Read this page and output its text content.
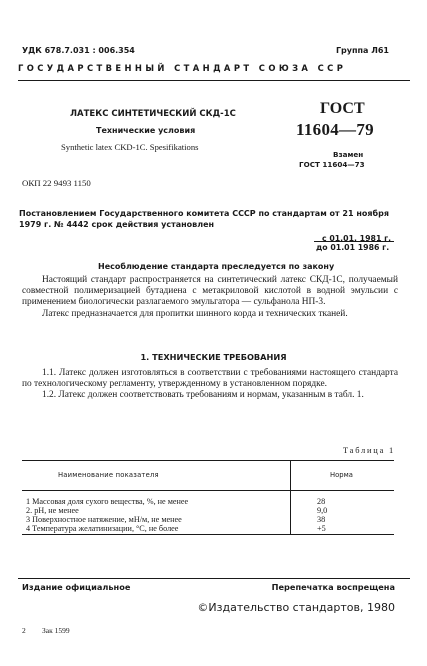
УДК 678.7.031 : 006.354	Группа Л61
ГОСУДАРСТВЕННЫЙ СТАНДАРТ СОЮЗА ССР
ЛАТЕКС СИНТЕТИЧЕСКИЙ СКД-1С
Технические условия
Synthetic latex CKD-1C. Spesifikations
ГОСТ
11604—79
Взамен
ГОСТ 11604—73
ОКП 22 9493 1150
Постановлением Государственного комитета СССР по стандартам от 21 ноября 1979 г. № 4442 срок действия установлен
с 01.01. 1981 г.
до 01.01 1986 г.
Несоблюдение стандарта преследуется по закону

Настоящий стандарт распространяется на синтетический латекс СКД-1С, получаемый совместной полимеризацией бутадиена с метакриловой кислотой в водной эмульсии с применением биологически разлагаемого эмульгатора — сульфанола НП-3.

Латекс предназначается для пропитки шинного корда и технических тканей.

1. ТЕХНИЧЕСКИЕ ТРЕБОВАНИЯ

1.1. Латекс должен изготовляться в соответствии с требованиями настоящего стандарта по технологическому регламенту, утвержденному в установленном порядке.

1.2. Латекс должен соответствовать требованиям и нормам, указанным в табл. 1.

Таблица 1
Наименование показателя	Норма
1 Массовая доля сухого вещества, %, не менее	28
2. pH, не менее	9,0
3 Поверхностное натяжение, мН/м, не менее	38
4 Температура желатинизации, °С, не более	+5
Издание официальное	Перепечатка воспрещена
©Издательство стандартов, 1980
2 Зак 1599
